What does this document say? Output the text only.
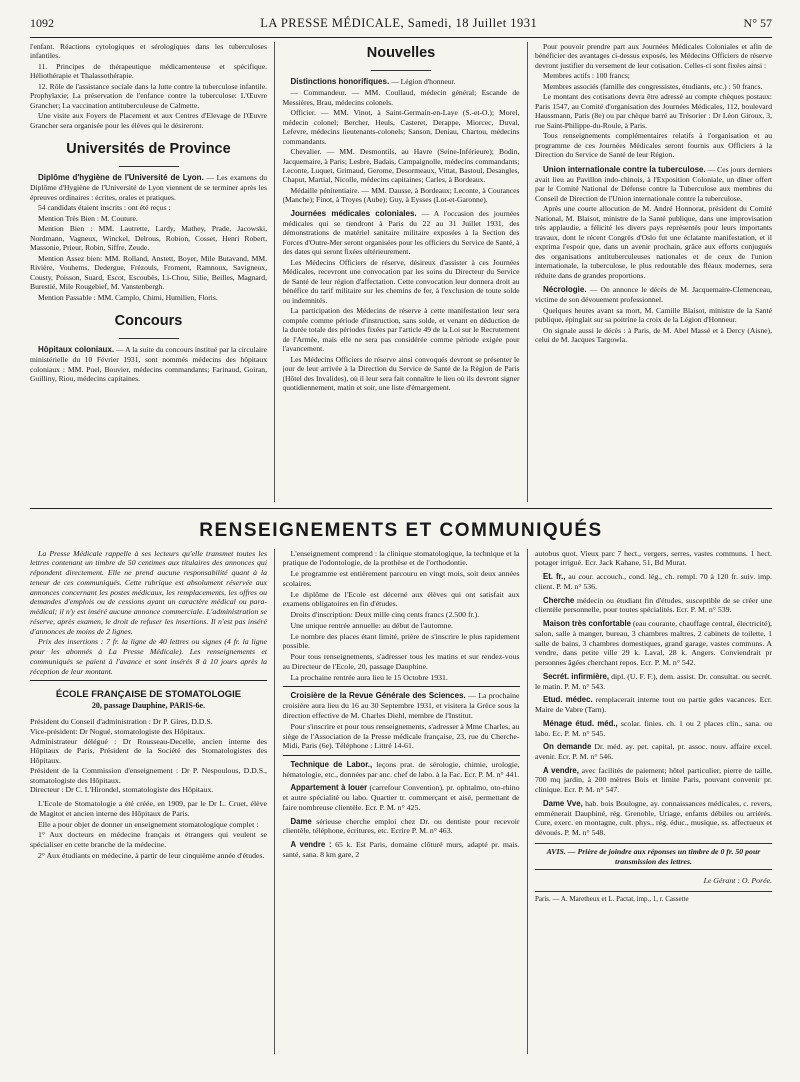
1092	LA PRESSE MÉDICALE, Samedi, 18 Juillet 1931	N° 57

l'enfant. Réactions cytologiques et sérologiques dans les tuberculoses infantiles.

11. Principes de thérapeutique médicamenteuse et spécifique. Héliothérapie et Thalassothérapie.

12. Rôle de l'assistance sociale dans la lutte contre la tuberculose infantile. Prophylaxie; La préservation de l'enfance contre la tuberculose: L'Œuvre Grancher; La vaccination antituberculeuse de Calmette.

Une visite aux Foyers de Placement et aux Centres d'Elevage de l'Œuvre Grancher sera organisée pour les élèves qui le désireront.

Universités de Province

Diplôme d'hygiène de l'Université de Lyon. — Les examens du Diplôme d'Hygiène de l'Université de Lyon viennent de se terminer après les épreuves ordinaires : écrites, orales et pratiques.

54 candidats étaient inscrits : ont été reçus :

Mention Très Bien : M. Couture.

Mention Bien : MM. Lautrette, Lardy, Mathey, Prade, Jacowski, Nordmann, Vagneux, Winckel, Delrous, Robion, Cosset, Henri Robert, Massonie, Prieur, Robin, Siffre, Zeude.

Mention Assez bien: MM. Rolland, Anstett, Boyer, Mile Butavand, MM. Rivière, Vouhems, Dedergue, Frézouls, Froment, Ramnoux, Savigneux, Cousty, Poisson, Suard, Escot, Escoubès, Li-Chou, Silie, Beilles, Magnard, Burestié, Mile Rougebief, M. Vanstenbergh.

Mention Passable : MM. Camplo, Chimi, Humilien, Floris.

Concours

Hôpitaux coloniaux. — A la suite du concours institué par la circulaire ministérielle du 10 Février 1931, sont nommés médecins des hôpitaux coloniaux : MM. Puel, Bouvier, médecins commandants; Farinaud, Goiran, Guilliny, Riou, médecins capitaines.

Nouvelles

Distinctions honorifiques. — Légion d'honneur.

— Commandeur. — MM. Coullaud, médecin général; Escande de Messières, Brau, médecins colonels.

Officier. — MM. Vinot, à Saint-Germain-en-Laye (S.-et-O.); Morel, médecin colonel; Bercher, Heuls, Casteret, Derappe, Miorcec, Duval, Lefevre, médecins lieutenants-colonels; Sanson, Deniau, Chartou, médecins commandants.

Chevalier. — MM. Desmontils, au Havre (Seine-Inférieure); Bodin, Jacquemaire, à Paris; Lesbre, Badais, Campaignolle, médecins commandants; Leconte, Luquet, Grimaud, Gerome, Desormeaux, Vittat, Bastoul, Desangles, Chaput, Martial, Nicolle, médecins capitaines; Carles, à Bordeaux.

Médaille pénitentiaire. — MM. Dausse, à Bordeaux; Leconte, à Coutances (Manche); Finot, à Troyes (Aube); Guy, à Eysses (Lot-et-Garonne).

Journées médicales coloniales. — A l'occasion des journées médicales qui se tiendront à Paris du 22 au 31 Juillet 1931, des démonstrations de matériel sanitaire militaire exposées à la Section des Forces d'Outre-Mer seront organisées pour les officiers du Service de Santé, à des dates qui seront fixées ultérieurement.

Les Médecins Officiers de réserve, désireux d'assister à ces Journées Médicales, recevront une convocation par les soins du Directeur du Service de Santé de leur région d'affectation. Cette convocation leur donnera droit au bénéfice du tarif militaire sur les chemins de fer, à l'exclusion de toute solde ou indemnités.

La participation des Médecins de réserve à cette manifestation leur sera comptée comme période d'instruction, sans solde, et venant en déduction de la durée totale des périodes fixées par l'article 49 de la Loi sur le Recrutement de l'Armée, mais elle ne sera pas considérée comme période exigée pour l'avancement.

Les Médecins Officiers de réserve ainsi convoqués devront se présenter le jour de leur arrivée à la Direction du Service de Santé de la Région de Paris (Hôtel des Invalides), où il leur sera fait connaître le lieu où ils devront signer quotidiennement, matin et soir, une liste d'émargement.

Pour pouvoir prendre part aux Journées Médicales Coloniales et afin de bénéficier des avantages ci-dessus exposés, les Médecins Officiers de réserve devront justifier du versement de leur cotisation. Celles-ci sont fixées ainsi :

Membres actifs : 100 francs;

Membres associés (famille des congressistes, étudiants, etc.) : 50 francs.

Le montant des cotisations devra être adressé au compte chèques postaux: Paris 1547, au Comité d'organisation des Journées Médicales, 112, boulevard Haussmann, Paris (8e) ou par chèque barré au Trésorier : Dr Léon Giroux, 3, rue Saint-Philippe-du-Roule, à Paris.

Tous renseignements complémentaires relatifs à l'organisation et au programme de ces Journées Médicales seront fournis aux Officiers à la Direction du Service de Santé de leur Région.

Union internationale contre la tuberculose. — Ces jours derniers avait lieu au Pavillon indo-chinois, à l'Exposition Coloniale, un dîner offert par le Comité National de Défense contre la Tuberculose aux membres du Conseil de Direction de l'Union internationale contre la tuberculose.

Après une courte allocution de M. André Honnorat, président du Comité National, M. Blaisot, ministre de la Santé publique, dans une improvisation très applaudie, a félicité les divers pays représentés pour leurs importants travaux, dont le récent Congrès d'Oslo fut une éclatante manifestation, et il exprima l'espoir que, dans un avenir prochain, grâce aux efforts conjugués des organisations antituberculeuses nationales et de ceux de l'union internationale, la tuberculose, le plus redoutable des fléaux modernes, sera réduite dans de grandes proportions.

Nécrologie. — On annonce le décès de M. Jacquemaire-Clemenceau, victime de son dévouement professionnel.

Quelques heures avant sa mort, M. Camille Blaisot, ministre de la Santé publique, épinglait sur sa poitrine la croix de la Légion d'Honneur.

On signale aussi le décès : à Paris, de M. Abel Massé et à Dercy (Aisne), celui de M. Jacques Targowla.

RENSEIGNEMENTS ET COMMUNIQUÉS

La Presse Médicale rappelle à ses lecteurs qu'elle transmet toutes les lettres contenant un timbre de 50 centimes aux titulaires des annonces qui répondent directement. Elle ne prend aucune responsabilité quant à la teneur de ces communiqués. Cette rubrique est absolument réservée aux annonces concernant les postes médicaux, les remplacements, les offres ou demandes d'emplois ou de cessions ayant un caractère médical ou para-médical; il n'y est inséré aucune annonce commerciale. L'administration se réserve, après examen, le droit de refuser les insertions. Il n'est pas inséré d'annonces de moins de 2 lignes.

Prix des insertions : 7 fr. la ligne de 40 lettres ou signes (4 fr. la ligne pour les abonnés à La Presse Médicale). Les renseignements et communiqués se paient à l'avance et sont insérés 8 à 10 jours après la réception de leur montant.

ÉCOLE FRANÇAISE DE STOMATOLOGIE
20, passage Dauphine, PARIS-6e.
Président du Conseil d'administration : Dr P. Gires, D.D.S.
Vice-président: Dr Nogué, stomatologiste des Hôpitaux.
Administrateur délégué : Dr Rousseau-Decelle, ancien interne des Hôpitaux de Paris, Président de la Société des Stomatologistes des Hôpitaux.
Président de la Commission d'enseignement : Dr P. Nespoulous, D.D.S., stomatologiste des Hôpitaux.
Directeur : Dr C. L'Hirondel, stomatologiste des Hôpitaux.

L'Ecole de Stomatologie a été créée, en 1909, par le Dr L. Cruet, élève de Magitot et ancien interne des Hôpitaux de Paris.

Elle a pour objet de donner un enseignement stomatologique complet :

1° Aux docteurs en médecine français et étrangers qui veulent se spécialiser en cette branche de la médecine.

2° Aux étudiants en médecine, à partir de leur cinquième année d'études.

L'enseignement comprend : la clinique stomatologique, la technique et la pratique de l'odontologie, de la prothèse et de l'orthodontie.

Le programme est entièrement parcouru en vingt mois, soit deux années scolaires.

Le diplôme de l'Ecole est décerné aux élèves qui ont satisfait aux examens obligatoires en fin d'études.

Droits d'inscription: Deux mille cinq cents francs (2.500 fr.).

Une unique rentrée annuelle: au début de l'automne.

Le nombre des places étant limité, prière de s'inscrire le plus rapidement possible.

Pour tous renseignements, s'adresser tous les matins et sur rendez-vous au Directeur de l'Ecole, 20, passage Dauphine.

La prochaine rentrée aura lieu le 15 Octobre 1931.

Croisière de la Revue Générale des Sciences. — La prochaine croisière aura lieu du 16 au 30 Septembre 1931, et visitera la Grèce sous la direction effective de M. Charles Diehl, membre de l'Institut.

Pour s'inscrire et pour tous renseignements, s'adresser à Mme Charles, au siège de l'Association de la Presse médicale française, 23, rue du Cherche-Midi, Paris (6e). Téléphone : Littré 14-61.

Technique de Labor., leçons prat. de sérologie, chimie, urologie, hématologie, etc., données par anc. chef de labo. à la Fac. Ecr. P. M. n° 441.

Appartement à louer (carrefour Convention), pr. ophtalmo, oto-rhino et autre spécialité ou labo. Quartier tr. commerçant et aisé, permettant de faire nombreuse clientèle. Ecr. P. M. n° 425.

Dame sérieuse cherche emploi chez Dr. ou dentiste pour recevoir clientèle, téléphone, écritures, etc. Ecrire P. M. n° 463.

A vendre : 65 k. Est Paris, domaine clôturé murs, adapté pr. mais. santé, sana. 8 km gare, 2

autobus quot. Vieux parc 7 hect., vergers, serres, vastes communs. 1 hect. potager irrigué. Ecr. Jack Kahane, 51, Bd Murat.

Et. fr., au cour. accouch., cond. lég., ch. rempl. 70 à 120 fr. suiv. imp. client. P. M. n° 536.

Cherche médecin ou étudiant fin d'études, susceptible de se créer une clientèle personnelle, pour toutes spécialités. Ecr. P. M. n° 539.

Maison très confortable (eau courante, chauffage central, électricité), salon, salle à manger, bureau, 3 chambres maîtres, 2 cabinets de toilette, 1 salle de bains, 3 chambres domestiques, grand garage, vastes communs. A vendre, dans petite ville 29 k. Laval, 28 k. Angers. Conviendrait pr personnes âgées cherchant repos. Ecr. P. M. n° 542.

Secrét. infirmière, dipl. (U. F. F.), dem. assist. Dr. consultat. ou secrét. le matin. P. M. n° 543.

Etud. médec. remplacerait interne tout ou partie gdes vacances. Ecr. Maire de Vabre (Tarn).

Ménage étud. méd., scolar. finies. ch. 1 ou 2 places clin., sana. ou labo. Ec. P. M. n° 545.

On demande Dr. méd. ay. pet. capital, pr. assoc. nouv. affaire excel. avenir. Ecr. P. M. n° 546.

A vendre, avec facilités de paiement; hôtel particulier, pierre de taille, 700 mq jardin, à 200 mètres Bois et limite Paris, pouvant convenir pr. clinique. Ecr. P. M. n° 547.

Dame Vve, hab. bois Boulogne, ay. connaissances médicales, c. revers, emménerait Dauphiné, rég. Grenoble, Uriage, enfants débiles ou arriérés. Cure, exerc. en montagne, cult. phys., rég. éduc., musique, ss. affectueux et dévoués. P. M. n° 548.

AVIS. — Prière de joindre aux réponses un timbre de 0 fr. 50 pour transmission des lettres.
Le Gérant : O. Porée.
Paris. — A. Maretheux et L. Pactat, imp., 1, r. Cassette
